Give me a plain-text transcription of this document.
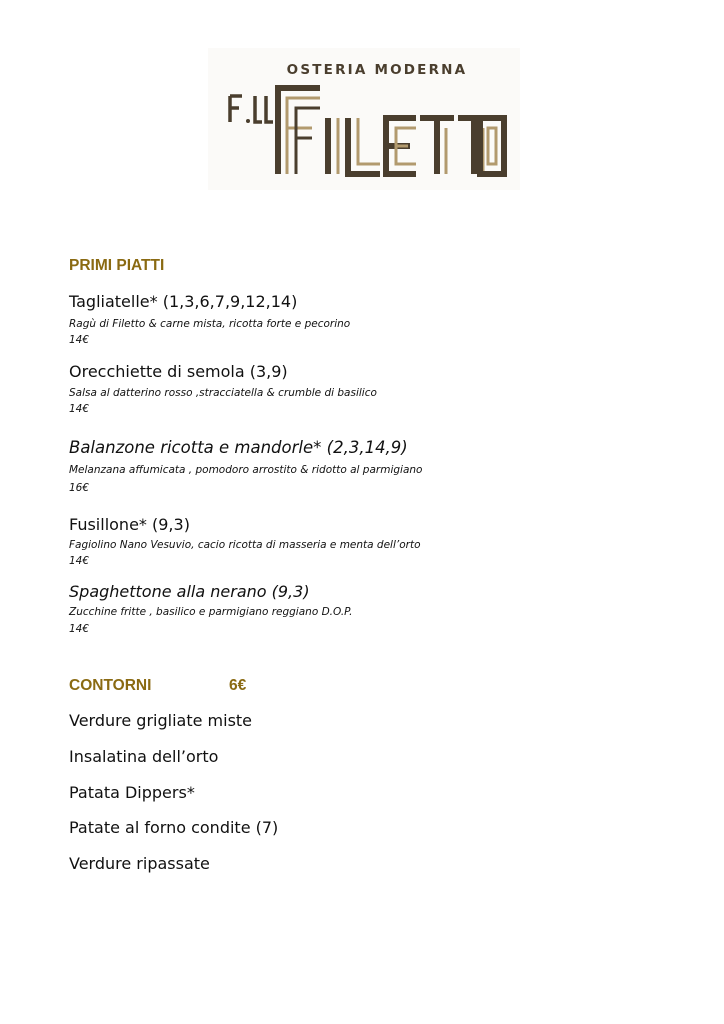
OSTERIA MODERNA
PRIMI PIATTI
Tagliatelle* (1,3,6,7,9,12,14)
Ragù di Filetto & carne mista, ricotta forte e pecorino
14€
Orecchiette di semola (3,9)
Salsa al datterino rosso ,stracciatella & crumble di basilico
14€
Balanzone ricotta e mandorle* (2,3,14,9)
Melanzana affumicata , pomodoro arrostito & ridotto al parmigiano
16€
Fusillone* (9,3)
Fagiolino Nano Vesuvio, cacio ricotta di masseria e menta dell’orto
14€
Spaghettone alla nerano (9,3)
Zucchine fritte , basilico e parmigiano reggiano D.O.P.
14€
CONTORNI	6€
Verdure grigliate miste
Insalatina dell’orto
Patata Dippers*
Patate al forno condite (7)
Verdure ripassate
